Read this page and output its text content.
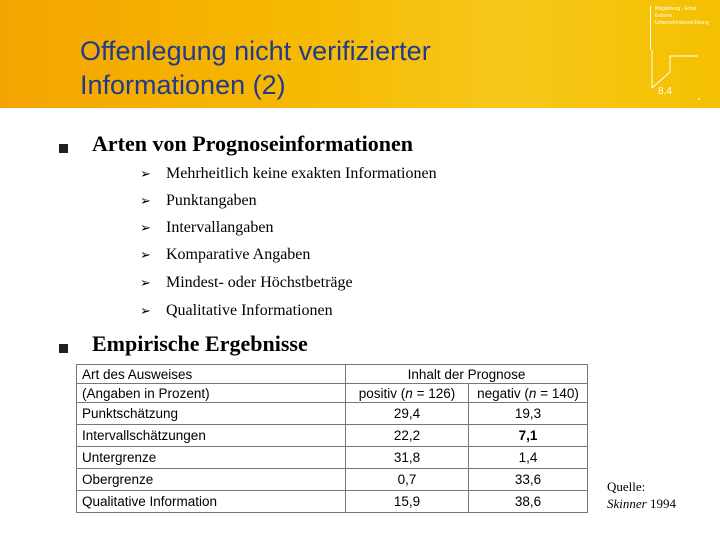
Offenlegung nicht verifizierter
Informationen (2)
Magdeburg · Ernst
Externe
Unternehmensrechnung
8.4
●
Arten von Prognoseinformationen
➢ Mehrheitlich keine exakten Informationen
➢ Punktangaben
➢ Intervallangaben
➢ Komparative Angaben
➢ Mindest- oder Höchstbeträge
➢ Qualitative Informationen
Empirische Ergebnisse
Art des Ausweises	Inhalt der Prognose	
(Angaben in Prozent)	positiv (n = 126)	negativ (n = 140)
Punktschätzung	29,4	19,3
Intervallschätzungen	22,2	7,1
Untergrenze	31,8	1,4
Obergrenze	0,7	33,6
Qualitative Information	15,9	38,6
Quelle:
Skinner 1994
